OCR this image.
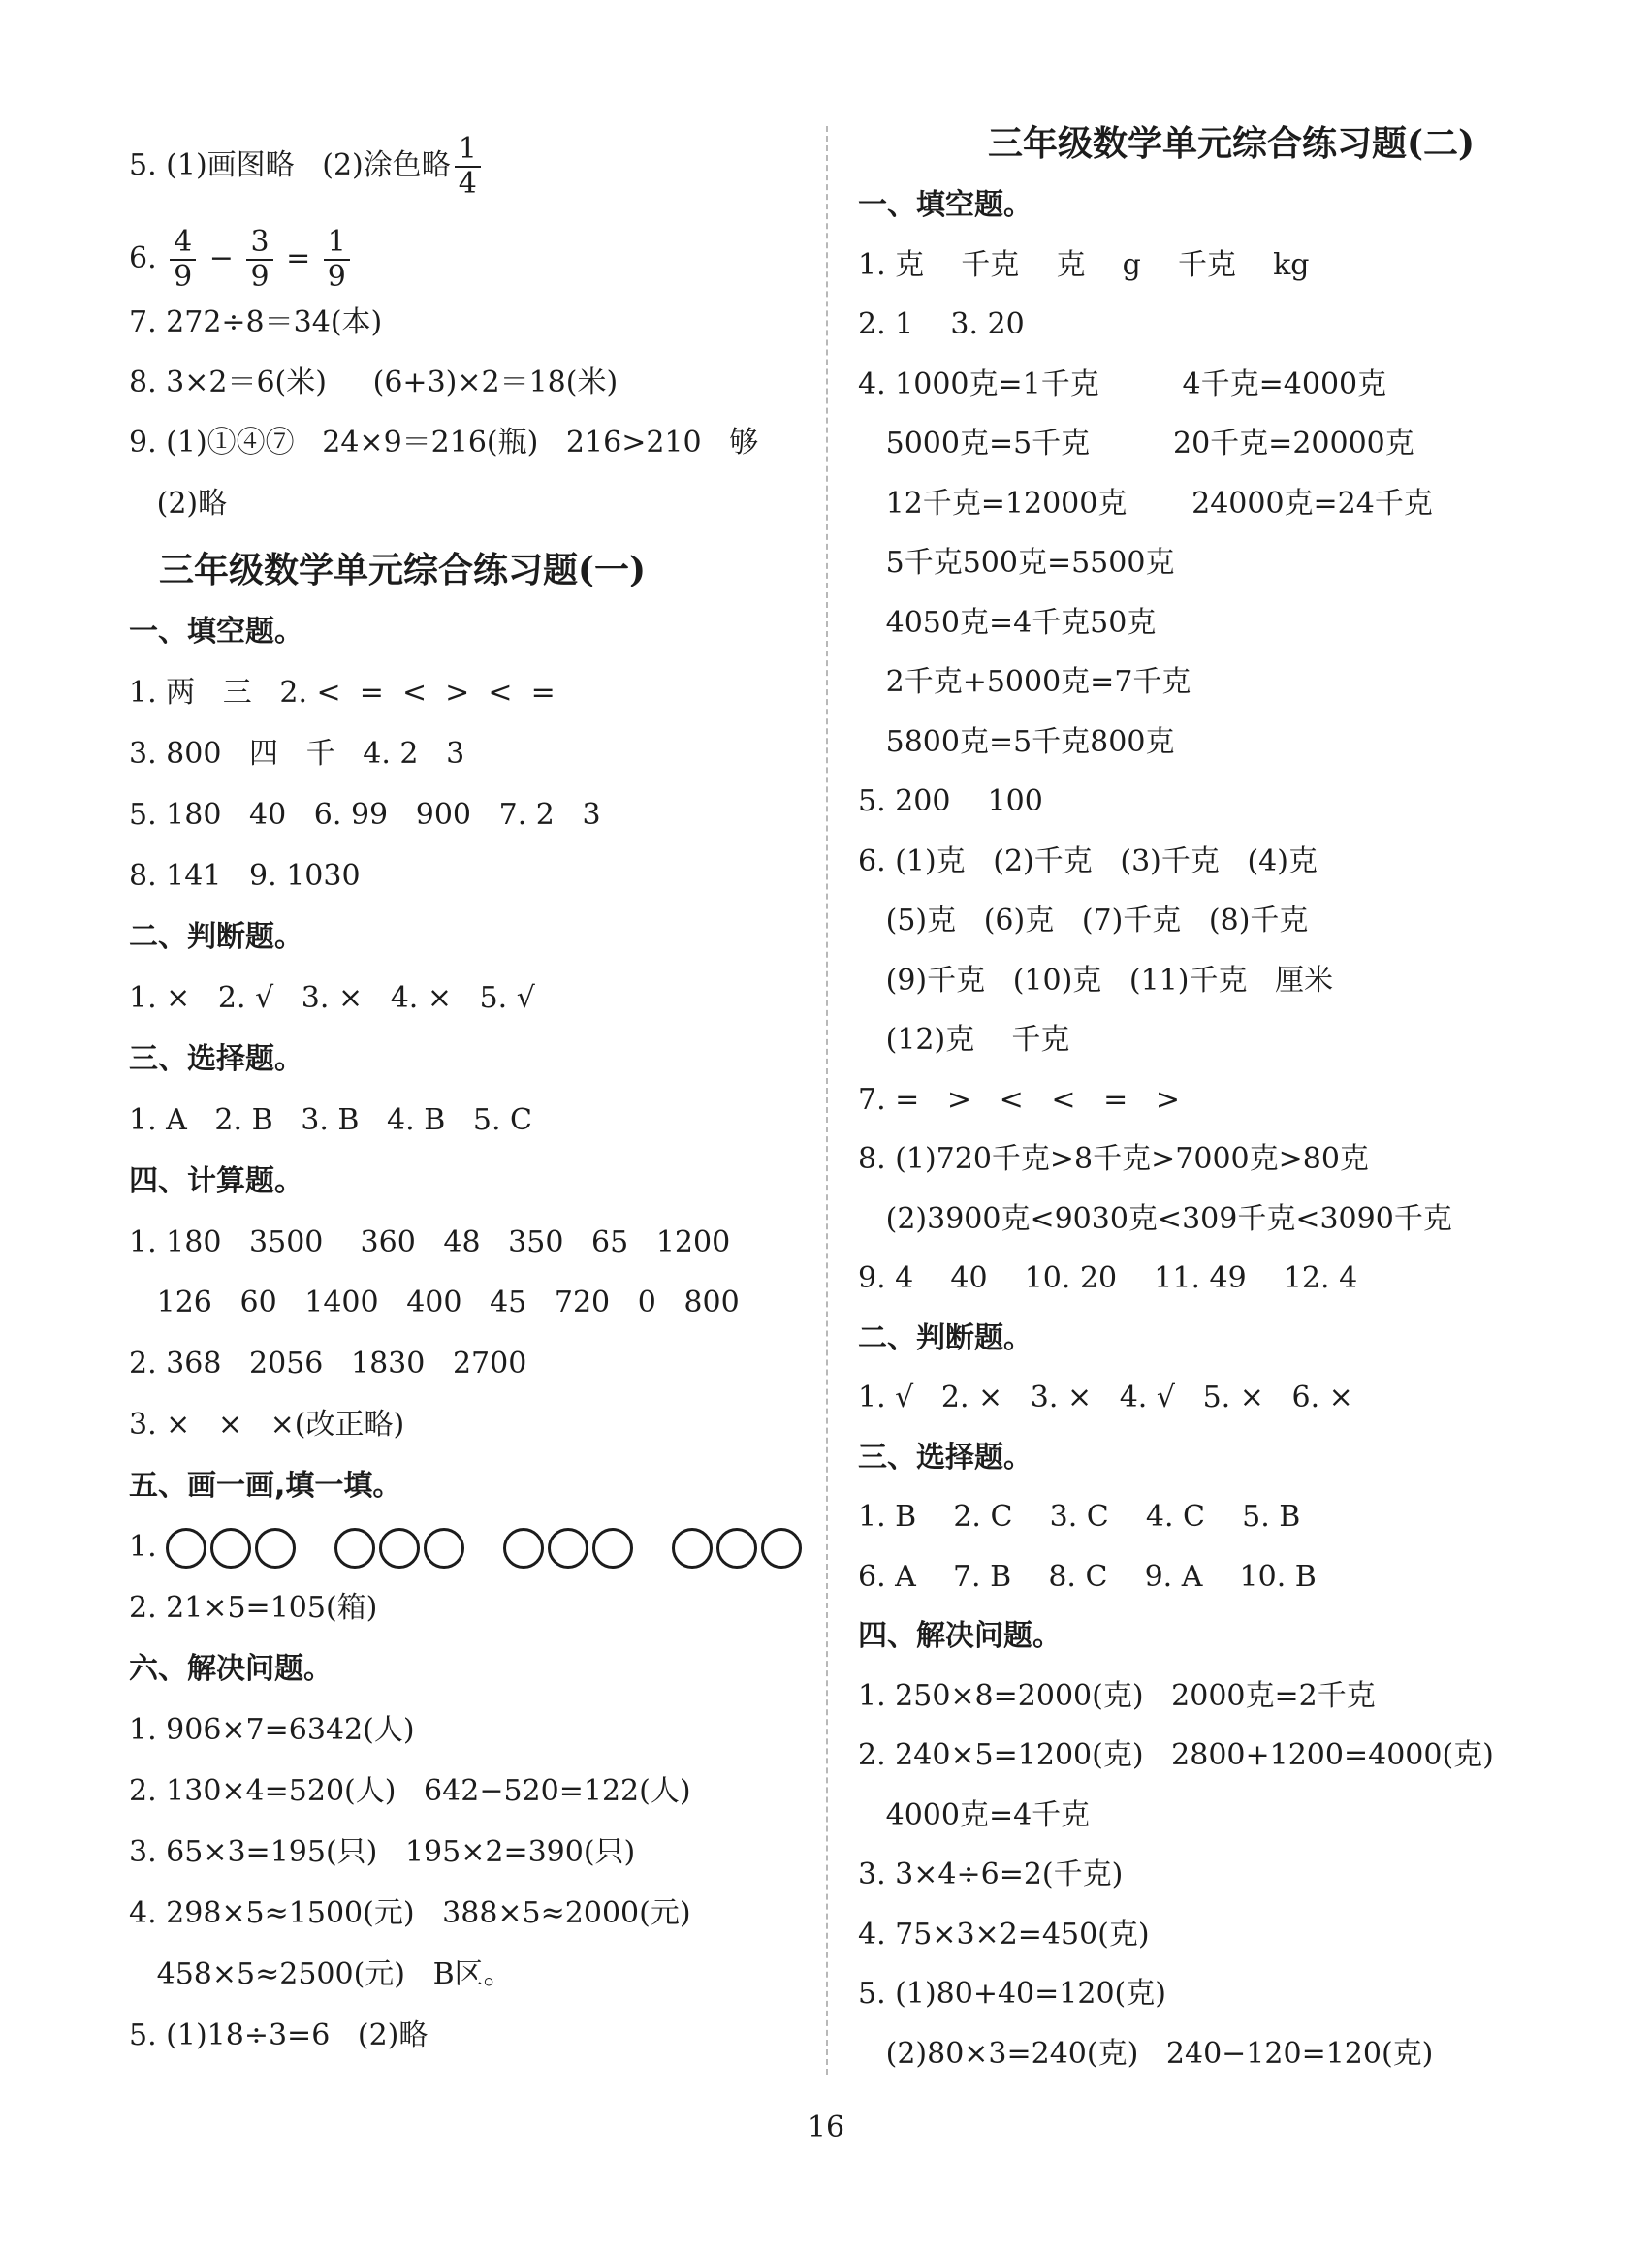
5. (1)画图略   (2)涂色略 $\frac{1}{4}$
6. $\frac{4}{9} - \frac{3}{9} = \frac{1}{9}$
7. 272÷8＝34(本)
8. 3×2＝6(米)     (6+3)×2＝18(米)
9. (1)①④⑦   24×9＝216(瓶)   216>210   够
(2)略
三年级数学单元综合练习题(一)
一、填空题。
1. 两   三   2. <  =  <  >  <  =
3. 800   四   千   4. 2   3
5. 180   40   6. 99   900   7. 2   3
8. 141   9. 1030
二、判断题。
1. ×   2. √   3. ×   4. ×   5. √
三、选择题。
1. A   2. B   3. B   4. B   5. C
四、计算题。
1. 180   3500    360   48   350   65   1200
126   60   1400   400   45   720   0   800
2. 368   2056   1830   2700
3. ×   ×   ×(改正略)
五、画一画,填一填。
1.
2. 21×5=105(箱)
六、解决问题。
1. 906×7=6342(人)
2. 130×4=520(人)   642−520=122(人)
3. 65×3=195(只)   195×2=390(只)
4. 298×5≈1500(元)   388×5≈2000(元)
458×5≈2500(元)   B区。
5. (1)18÷3=6   (2)略
三年级数学单元综合练习题(二)
一、填空题。
1. 克    千克    克    g    千克    kg
2. 1    3. 20
4. 1000克=1千克         4千克=4000克
5000克=5千克         20千克=20000克
12千克=12000克       24000克=24千克
5千克500克=5500克
4050克=4千克50克
2千克+5000克=7千克
5800克=5千克800克
5. 200    100
6. (1)克   (2)千克   (3)千克   (4)克
(5)克   (6)克   (7)千克   (8)千克
(9)千克   (10)克   (11)千克   厘米
(12)克    千克
7. =   >   <   <   =   >
8. (1)720千克>8千克>7000克>80克
(2)3900克<9030克<309千克<3090千克
9. 4    40    10. 20    11. 49    12. 4
二、判断题。
1. √   2. ×   3. ×   4. √   5. ×   6. ×
三、选择题。
1. B    2. C    3. C    4. C    5. B
6. A    7. B    8. C    9. A    10. B
四、解决问题。
1. 250×8=2000(克)   2000克=2千克
2. 240×5=1200(克)   2800+1200=4000(克)
4000克=4千克
3. 3×4÷6=2(千克)
4. 75×3×2=450(克)
5. (1)80+40=120(克)
(2)80×3=240(克)   240−120=120(克)
16
